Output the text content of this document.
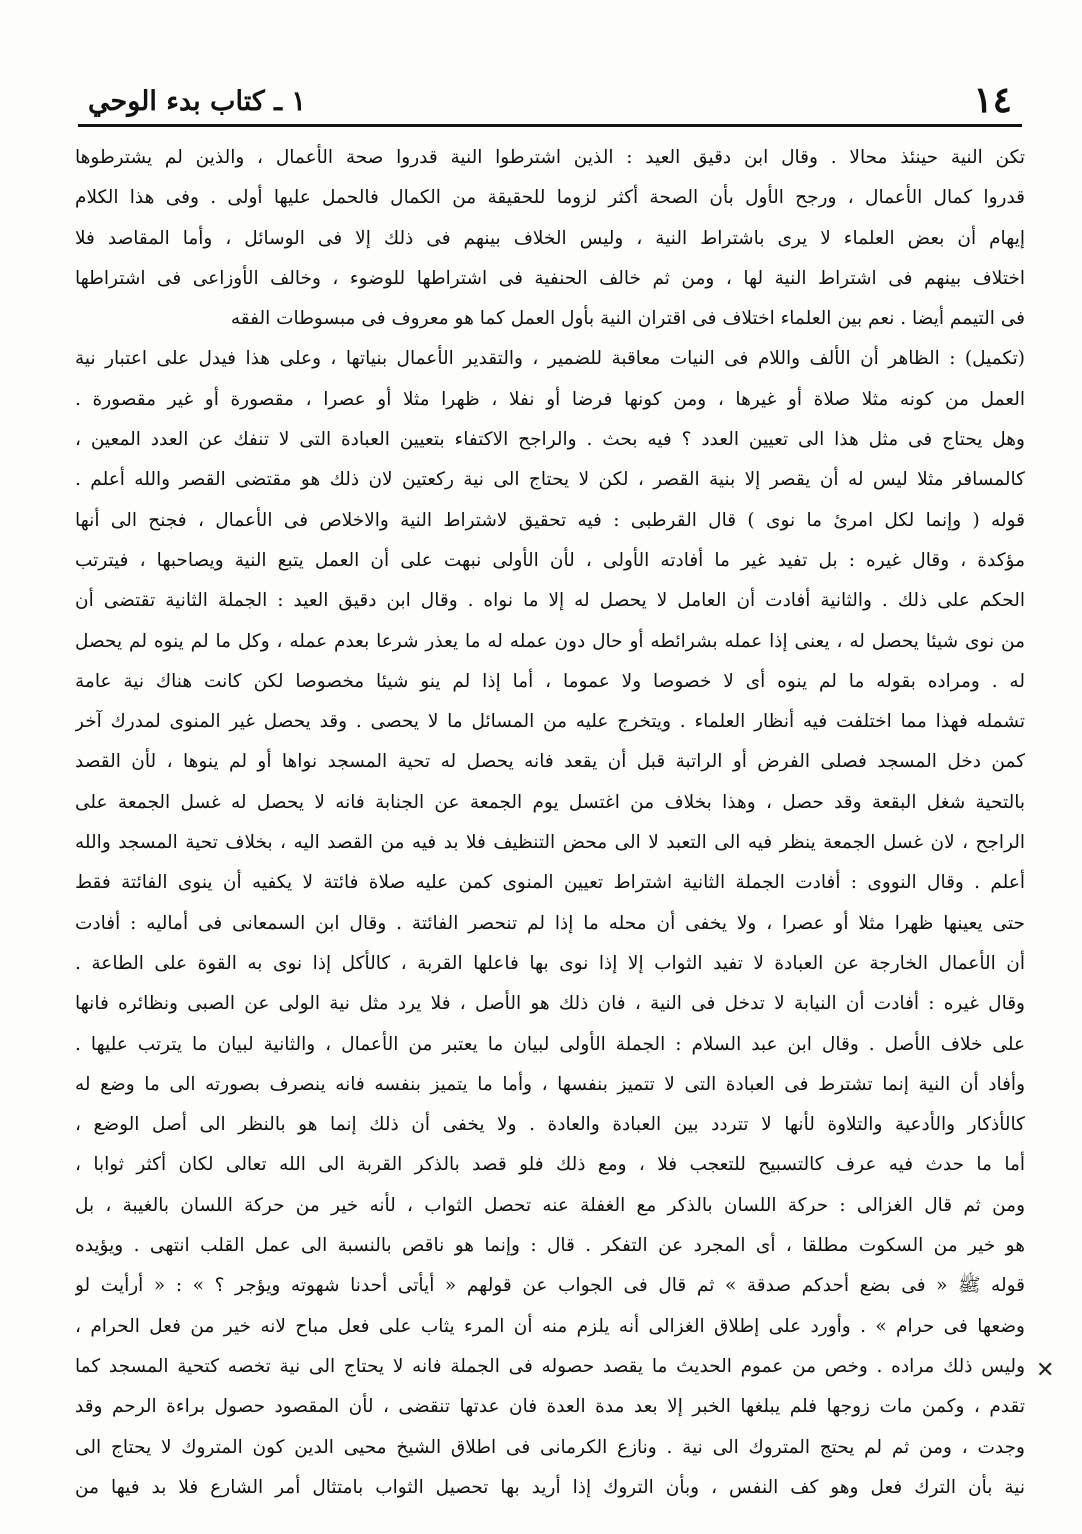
١٤
١ ـ كتاب بدء الوحي
تكن النية حينئذ محالا . وقال ابن دقيق العيد : الذين اشترطوا النية قدروا صحة الأعمال ، والذين لم يشترطوها
قدروا كمال الأعمال ، ورجح الأول بأن الصحة أكثر لزوما للحقيقة من الكمال فالحمل عليها أولى . وفى هذا الكلام
إيهام أن بعض العلماء لا يرى باشتراط النية ، وليس الخلاف بينهم فى ذلك إلا فى الوسائل ، وأما المقاصد فلا
اختلاف بينهم فى اشتراط النية لها ، ومن ثم خالف الحنفية فى اشتراطها للوضوء ، وخالف الأوزاعى فى اشتراطها
فى التيمم أيضا . نعم بين العلماء اختلاف فى اقتران النية بأول العمل كما هو معروف فى مبسوطات الفقه
(تكميل) : الظاهر أن الألف واللام فى النيات معاقبة للضمير ، والتقدير الأعمال بنياتها ، وعلى هذا فيدل على اعتبار نية
العمل من كونه مثلا صلاة أو غيرها ، ومن كونها فرضا أو نفلا ، ظهرا مثلا أو عصرا ، مقصورة أو غير مقصورة .
وهل يحتاج فى مثل هذا الى تعيين العدد ؟ فيه بحث . والراجح الاكتفاء بتعيين العبادة التى لا تنفك عن العدد المعين ،
كالمسافر مثلا ليس له أن يقصر إلا بنية القصر ، لكن لا يحتاج الى نية ركعتين لان ذلك هو مقتضى القصر والله أعلم .
قوله ( وإنما لكل امرئ ما نوى ) قال القرطبى : فيه تحقيق لاشتراط النية والاخلاص فى الأعمال ، فجنح الى أنها
مؤكدة ، وقال غيره : بل تفيد غير ما أفادته الأولى ، لأن الأولى نبهت على أن العمل يتبع النية ويصاحبها ، فيترتب
الحكم على ذلك . والثانية أفادت أن العامل لا يحصل له إلا ما نواه . وقال ابن دقيق العيد : الجملة الثانية تقتضى أن
من نوى شيئا يحصل له ، يعنى إذا عمله بشرائطه أو حال دون عمله له ما يعذر شرعا بعدم عمله ، وكل ما لم ينوه لم يحصل
له . ومراده بقوله ما لم ينوه أى لا خصوصا ولا عموما ، أما إذا لم ينو شيئا مخصوصا لكن كانت هناك نية عامة
تشمله فهذا مما اختلفت فيه أنظار العلماء . ويتخرج عليه من المسائل ما لا يحصى . وقد يحصل غير المنوى لمدرك آخر
كمن دخل المسجد فصلى الفرض أو الراتبة قبل أن يقعد فانه يحصل له تحية المسجد نواها أو لم ينوها ، لأن القصد
بالتحية شغل البقعة وقد حصل ، وهذا بخلاف من اغتسل يوم الجمعة عن الجنابة فانه لا يحصل له غسل الجمعة على
الراجح ، لان غسل الجمعة ينظر فيه الى التعبد لا الى محض التنظيف فلا بد فيه من القصد اليه ، بخلاف تحية المسجد والله
أعلم . وقال النووى : أفادت الجملة الثانية اشتراط تعيين المنوى كمن عليه صلاة فائتة لا يكفيه أن ينوى الفائتة فقط
حتى يعينها ظهرا مثلا أو عصرا ، ولا يخفى أن محله ما إذا لم تنحصر الفائتة . وقال ابن السمعانى فى أماليه : أفادت
أن الأعمال الخارجة عن العبادة لا تفيد الثواب إلا إذا نوى بها فاعلها القربة ، كالأكل إذا نوى به القوة على الطاعة .
وقال غيره : أفادت أن النيابة لا تدخل فى النية ، فان ذلك هو الأصل ، فلا يرد مثل نية الولى عن الصبى ونظائره فانها
على خلاف الأصل . وقال ابن عبد السلام : الجملة الأولى لبيان ما يعتبر من الأعمال ، والثانية لبيان ما يترتب عليها .
وأفاد أن النية إنما تشترط فى العبادة التى لا تتميز بنفسها ، وأما ما يتميز بنفسه فانه ينصرف بصورته الى ما وضع له
كالأذكار والأدعية والتلاوة لأنها لا تتردد بين العبادة والعادة . ولا يخفى أن ذلك إنما هو بالنظر الى أصل الوضع ،
أما ما حدث فيه عرف كالتسبيح للتعجب فلا ، ومع ذلك فلو قصد بالذكر القربة الى الله تعالى لكان أكثر ثوابا ،
ومن ثم قال الغزالى : حركة اللسان بالذكر مع الغفلة عنه تحصل الثواب ، لأنه خير من حركة اللسان بالغيبة ، بل
هو خير من السكوت مطلقا ، أى المجرد عن التفكر . قال : وإنما هو ناقص بالنسبة الى عمل القلب انتهى . ويؤيده
قوله ﷺ « فى بضع أحدكم صدقة » ثم قال فى الجواب عن قولهم « أيأتى أحدنا شهوته ويؤجر ؟ » : « أرأيت لو
وضعها فى حرام » . وأورد على إطلاق الغزالى أنه يلزم منه أن المرء يثاب على فعل مباح لانه خير من فعل الحرام ،
وليس ذلك مراده . وخص من عموم الحديث ما يقصد حصوله فى الجملة فانه لا يحتاج الى نية تخصه كتحية المسجد كما
تقدم ، وكمن مات زوجها فلم يبلغها الخبر إلا بعد مدة العدة فان عدتها تنقضى ، لأن المقصود حصول براءة الرحم وقد
وجدت ، ومن ثم لم يحتج المتروك الى نية . ونازع الكرمانى فى اطلاق الشيخ محيى الدين كون المتروك لا يحتاج الى
نية بأن الترك فعل وهو كف النفس ، وبأن التروك إذا أريد بها تحصيل الثواب بامتثال أمر الشارع فلا بد فيها من
✕
